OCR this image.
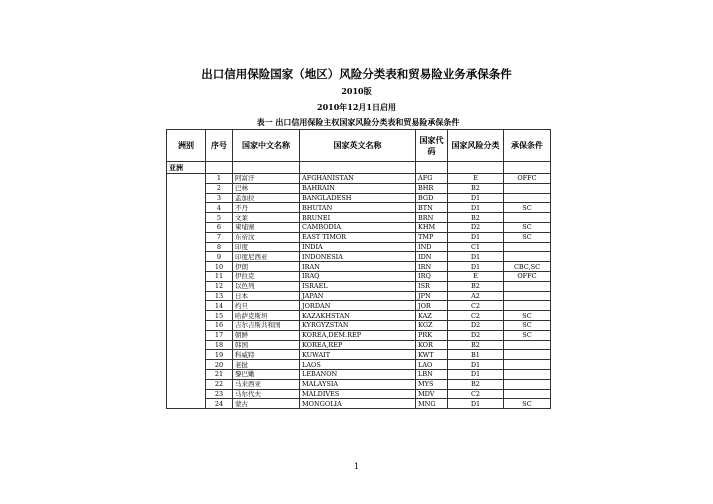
出口信用保险国家（地区）风险分类表和贸易险业务承保条件
2010版
2010年12月1日启用
表一 出口信用保险主权国家风险分类表和贸易险承保条件
洲别	序号	国家中文名称	国家英文名称	国家代码	国家风险分类	承保条件
亚洲						
	1	阿富汗	AFGHANISTAN	AFG	E	OFFC
	2	巴林	BAHRAIN	BHR	B2	
	3	孟加拉	BANGLADESH	BGD	D1	
	4	不丹	BHUTAN	BTN	D1	SC
	5	文莱	BRUNEI	BRN	B2	
	6	柬埔寨	CAMBODIA	KHM	D2	SC
	7	东帝汶	EAST TIMOR	TMP	D1	SC
	8	印度	INDIA	IND	C1	
	9	印度尼西亚	INDONESIA	IDN	D1	
	10	伊朗	IRAN	IRN	D1	CBC,SC
	11	伊拉克	IRAQ	IRQ	E	OFFC
	12	以色列	ISRAEL	ISR	B2	
	13	日本	JAPAN	JPN	A2	
	14	约旦	JORDAN	JOR	C2	
	15	哈萨克斯坦	KAZAKHSTAN	KAZ	C2	SC
	16	吉尔吉斯共和国	KYRGYZSTAN	KGZ	D2	SC
	17	朝鲜	KOREA,DEM.REP	PRK	D2	SC
	18	韩国	KOREA,REP	KOR	B2	
	19	科威特	KUWAIT	KWT	B1	
	20	老挝	LAOS	LAO	D1	
	21	黎巴嫩	LEBANON	LBN	D1	
	22	马来西亚	MALAYSIA	MYS	B2	
	23	马尔代夫	MALDIVES	MDV	C2	
	24	蒙古	MONGOLIA	MNG	D1	SC
1
